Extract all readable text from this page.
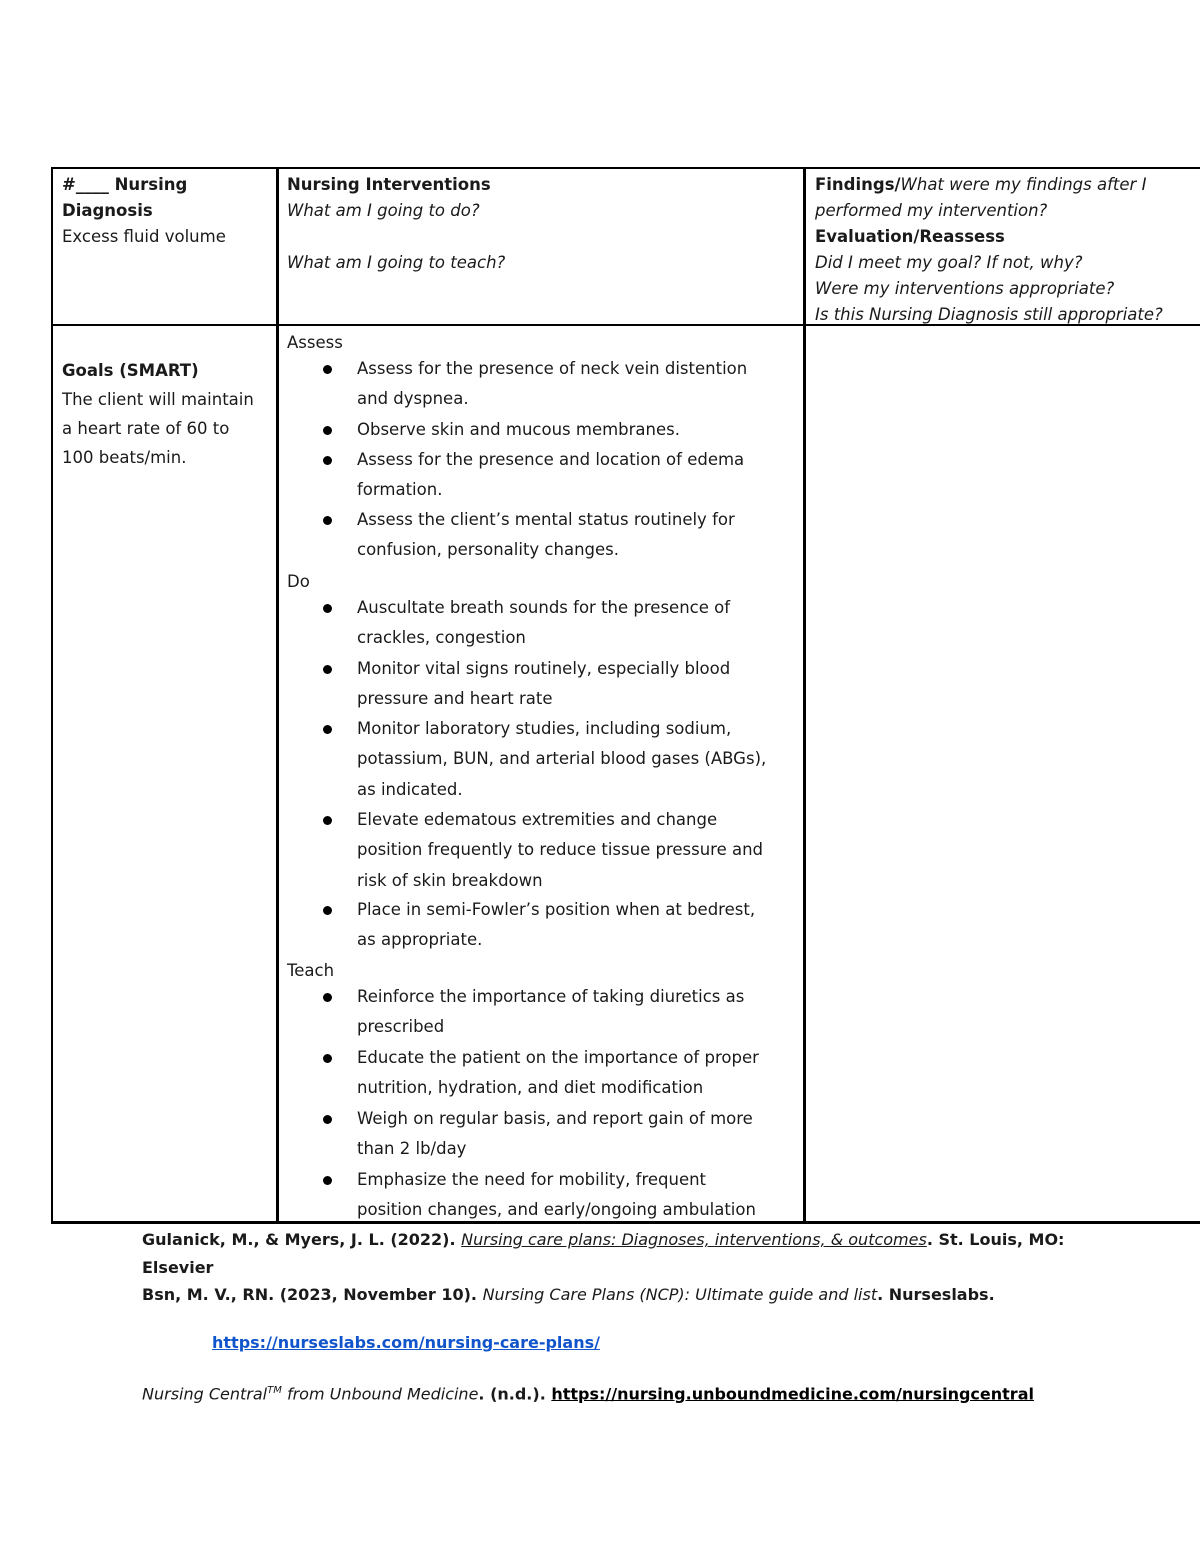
#____ Nursing
Diagnosis
Excess fluid volume
Nursing Interventions
What am I going to do?
What am I going to teach?
Findings/What were my findings after I
performed my intervention?
Evaluation/Reassess
Did I meet my goal? If not, why?
Were my interventions appropriate?
Is this Nursing Diagnosis still appropriate?
Goals (SMART)
The client will maintain
a heart rate of 60 to
100 beats/min.
Assess
Assess for the presence of neck vein distention
and dyspnea.
Observe skin and mucous membranes.
Assess for the presence and location of edema
formation.
Assess the client’s mental status routinely for
confusion, personality changes.
Do
Auscultate breath sounds for the presence of
crackles, congestion
Monitor vital signs routinely, especially blood
pressure and heart rate
Monitor laboratory studies, including sodium,
potassium, BUN, and arterial blood gases (ABGs),
as indicated.
Elevate edematous extremities and change
position frequently to reduce tissue pressure and
risk of skin breakdown
Place in semi-Fowler’s position when at bedrest,
as appropriate.
Teach
Reinforce the importance of taking diuretics as
prescribed
Educate the patient on the importance of proper
nutrition, hydration, and diet modification
Weigh on regular basis, and report gain of more
than 2 lb/day
Emphasize the need for mobility, frequent
position changes, and early/ongoing ambulation
Gulanick, M., & Myers, J. L. (2022). Nursing care plans: Diagnoses, interventions, & outcomes. St. Louis, MO:
Elsevier
Bsn, M. V., RN. (2023, November 10). Nursing Care Plans (NCP): Ultimate guide and list. Nurseslabs.
https://nurseslabs.com/nursing-care-plans/
Nursing Central™ from Unbound Medicine. (n.d.). https://nursing.unboundmedicine.com/nursingcentral
